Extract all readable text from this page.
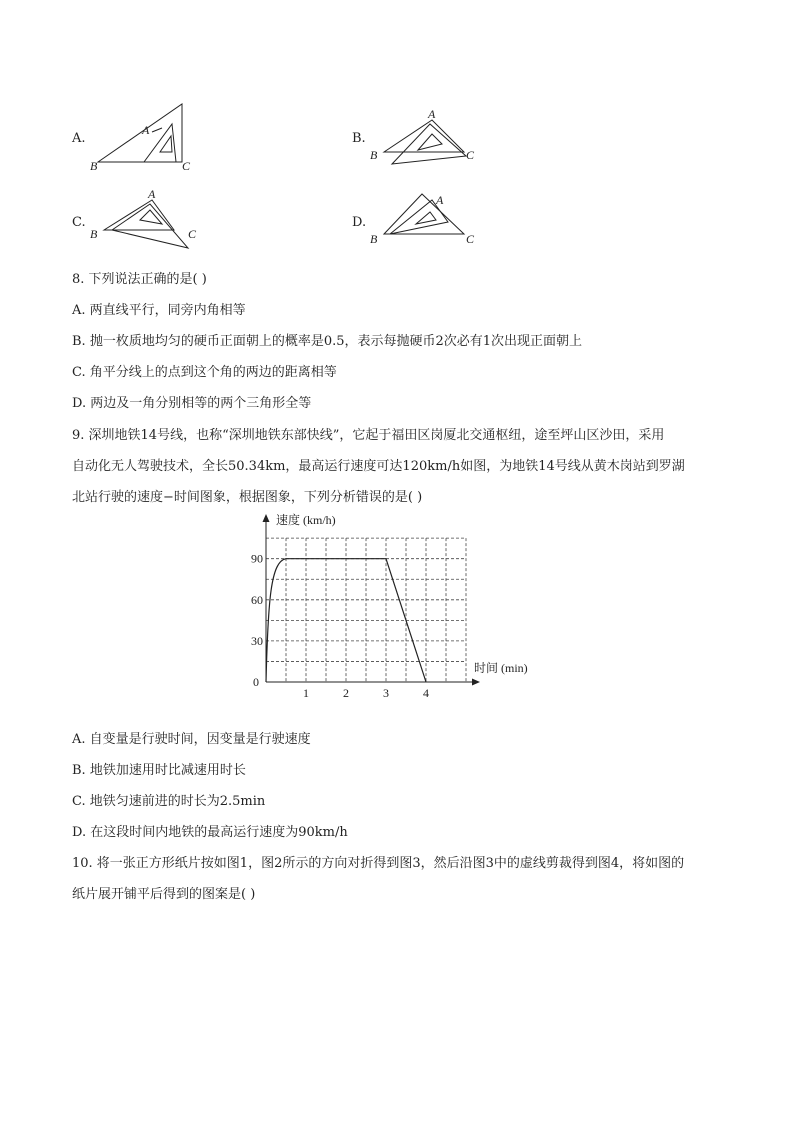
A.
A
B	C
B.
A
B	C
C.
A
B	C
D.
A
B	C
8. 下列说法正确的是( )
A. 两直线平行，同旁内角相等
B. 抛一枚质地均匀的硬币正面朝上的概率是0.5，表示每抛硬币2次必有1次出现正面朝上
C. 角平分线上的点到这个角的两边的距离相等
D. 两边及一角分别相等的两个三角形全等
9. 深圳地铁14号线，也称“深圳地铁东部快线”，它起于福田区岗厦北交通枢纽，途至坪山区沙田，采用
自动化无人驾驶技术，全长50.34km，最高运行速度可达120km/h如图，为地铁14号线从黄木岗站到罗湖
北站行驶的速度−时间图象，根据图象，下列分析错误的是( )
1	2	3	4
30
60
90
速度 (km/h)
时间 (min)
0
A. 自变量是行驶时间，因变量是行驶速度
B. 地铁加速用时比减速用时长
C. 地铁匀速前进的时长为2.5min
D. 在这段时间内地铁的最高运行速度为90km/h
10. 将一张正方形纸片按如图1，图2所示的方向对折得到图3，然后沿图3中的虚线剪裁得到图4，将如图的
纸片展开铺平后得到的图案是( )
